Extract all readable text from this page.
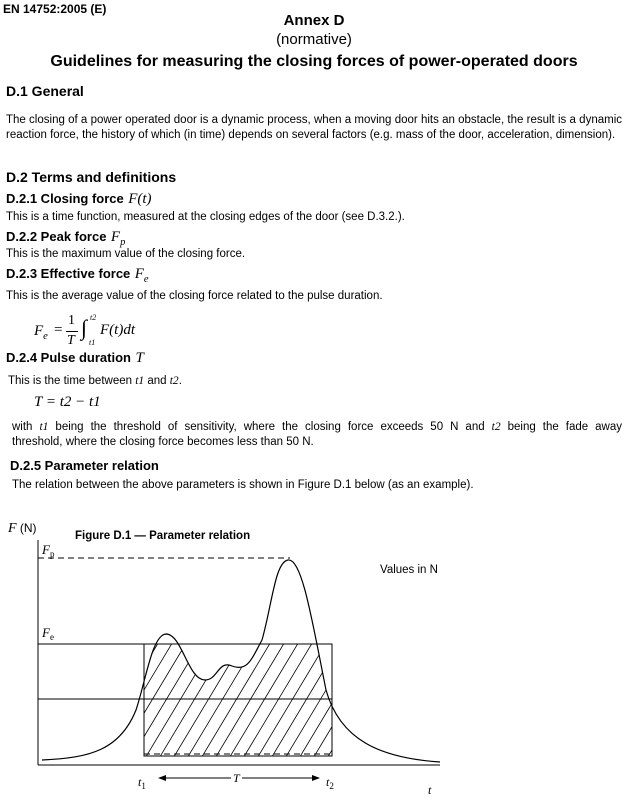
EN 14752:2005 (E)
Annex D
(normative)
Guidelines for measuring the closing forces of power-operated doors
D.1 General
The closing of a power operated door is a dynamic process, when a moving door hits an obstacle, the result is a dynamic reaction force, the history of which (in time) depends on several factors (e.g. mass of the door, acceleration, dimension).
D.2 Terms and definitions
D.2.1 Closing force F(t)
This is a time function, measured at the closing edges of the door (see D.3.2.).
D.2.2 Peak force $F_p$
This is the maximum value of the closing force.
D.2.3 Effective force $F_e$
This is the average value of the closing force related to the pulse duration.
$F_e$ =
1
T
∫ t2
t1
F(t)dt
D.2.4 Pulse duration T
This is the time between t1 and t2.
T = t2 − t1
with t1 being the threshold of sensitivity, where the closing force exceeds 50 N and t2 being the fade away
threshold, where the closing force becomes less than 50 N.
D.2.5 Parameter relation
The relation between the above parameters is shown in Figure D.1 below (as an example).
F (N)
Figure D.1 — Parameter relation
Values in N
$F_p$
$F_e$
$t_1$	$t_2$
T
t
